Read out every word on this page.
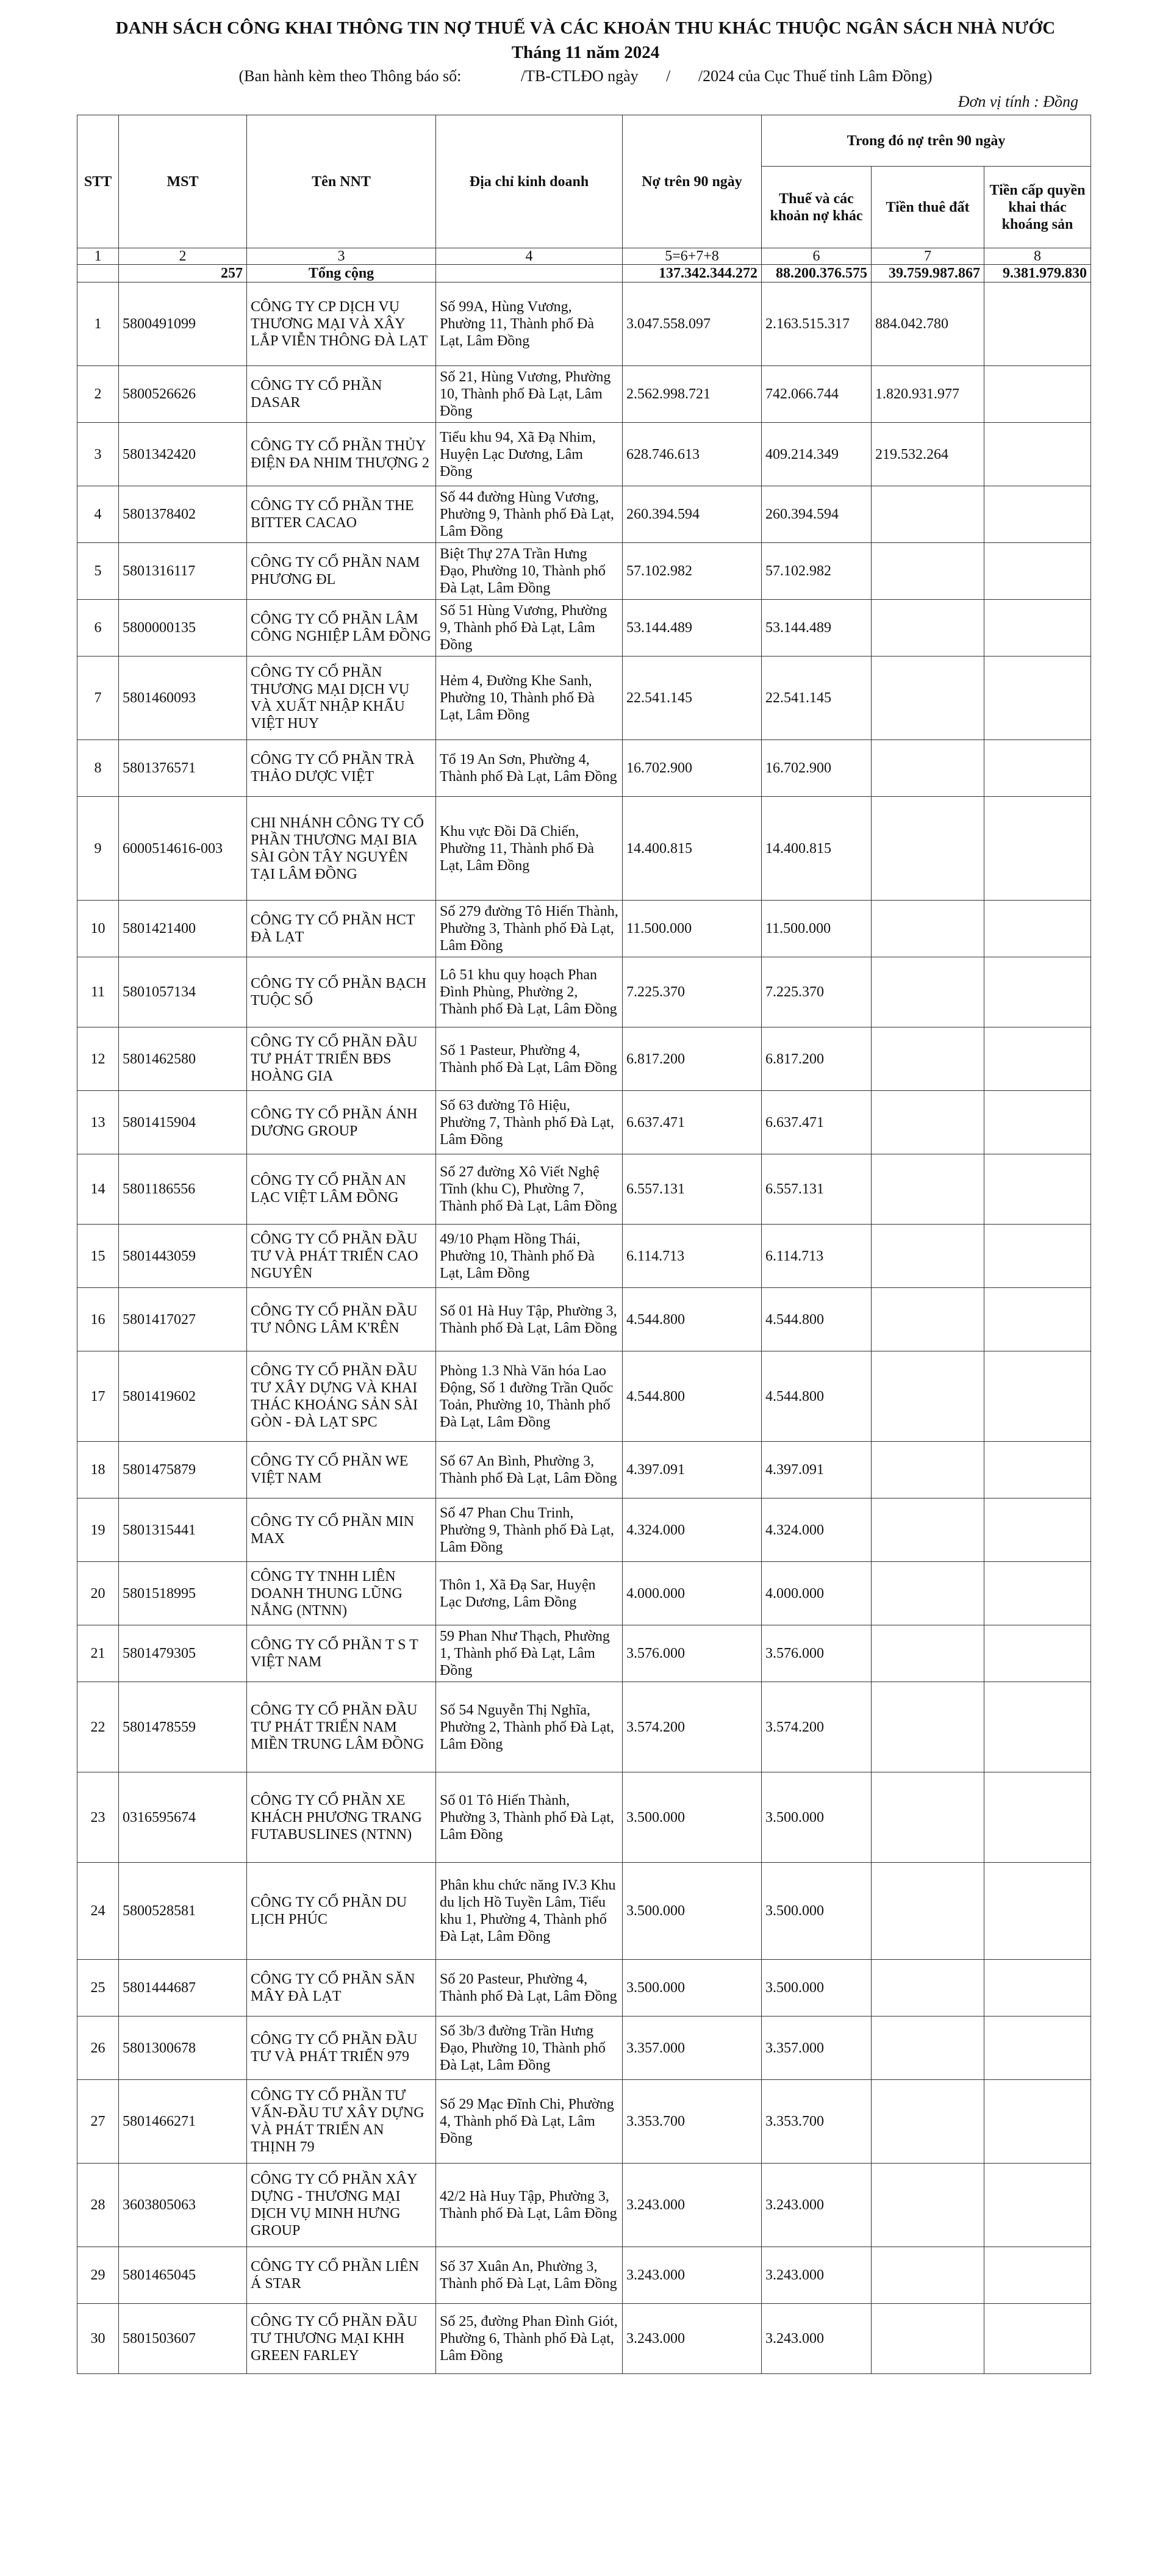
DANH SÁCH CÔNG KHAI THÔNG TIN NỢ THUẾ VÀ CÁC KHOẢN THU KHÁC THUỘC NGÂN SÁCH NHÀ NƯỚC
Tháng 11 năm 2024
(Ban hành kèm theo Thông báo số:               /TB-CTLĐO ngày       /       /2024 của Cục Thuế tỉnh Lâm Đồng)
Đơn vị tính : Đồng
STT	MST	Tên NNT	Địa chỉ kinh doanh	Nợ trên 90 ngày	Trong đó nợ trên 90 ngày		
					Thuế và các khoản nợ khác	Tiền thuê đất	Tiền cấp quyền khai thác khoáng sản
1	2	3	4	5=6+7+8	6	7	8
	257	Tổng cộng		137.342.344.272	88.200.376.575	39.759.987.867	9.381.979.830
1	5800491099	CÔNG TY CP DỊCH VỤ THƯƠNG MẠI VÀ XÂY LẮP VIỄN THÔNG ĐÀ LẠT	Số 99A, Hùng Vương, Phường 11, Thành phố Đà Lạt, Lâm Đồng	3.047.558.097	2.163.515.317	884.042.780	
2	5800526626	CÔNG TY CỔ PHẦN DASAR	Số 21, Hùng Vương, Phường 10, Thành phố Đà Lạt, Lâm Đồng	2.562.998.721	742.066.744	1.820.931.977	
3	5801342420	CÔNG TY CỔ PHẦN THỦY ĐIỆN ĐA NHIM THƯỢNG 2	Tiểu khu 94, Xã Đạ Nhim, Huyện Lạc Dương, Lâm Đồng	628.746.613	409.214.349	219.532.264	
4	5801378402	CÔNG TY CỔ PHẦN THE BITTER CACAO	Số 44 đường Hùng Vương, Phường 9, Thành phố Đà Lạt, Lâm Đồng	260.394.594	260.394.594		
5	5801316117	CÔNG TY CỔ PHẦN NAM PHƯƠNG ĐL	Biệt Thự 27A Trần Hưng Đạo, Phường 10, Thành phố Đà Lạt, Lâm Đồng	57.102.982	57.102.982		
6	5800000135	CÔNG TY CỔ PHẦN LÂM CÔNG NGHIỆP LÂM ĐỒNG	Số 51 Hùng Vương, Phường 9, Thành phố Đà Lạt, Lâm Đồng	53.144.489	53.144.489		
7	5801460093	CÔNG TY CỔ PHẦN THƯƠNG MẠI DỊCH VỤ VÀ XUẤT NHẬP KHẨU VIỆT HUY	Hẻm 4, Đường Khe Sanh, Phường 10, Thành phố Đà Lạt, Lâm Đồng	22.541.145	22.541.145		
8	5801376571	CÔNG TY CỔ PHẦN TRÀ THẢO DƯỢC VIỆT	Tổ 19 An Sơn, Phường 4, Thành phố Đà Lạt, Lâm Đồng	16.702.900	16.702.900		
9	6000514616-003	CHI NHÁNH CÔNG TY CỔ PHẦN THƯƠNG MẠI BIA SÀI GÒN TÂY NGUYÊN TẠI LÂM ĐỒNG	Khu vực Đồi Dã Chiến, Phường 11, Thành phố Đà Lạt, Lâm Đồng	14.400.815	14.400.815		
10	5801421400	CÔNG TY CỔ PHẦN HCT ĐÀ LẠT	Số 279 đường Tô Hiến Thành, Phường 3, Thành phố Đà Lạt, Lâm Đồng	11.500.000	11.500.000		
11	5801057134	CÔNG TY CỔ PHẦN BẠCH TUỘC SỐ	Lô 51 khu quy hoạch Phan Đình Phùng, Phường 2, Thành phố Đà Lạt, Lâm Đồng	7.225.370	7.225.370		
12	5801462580	CÔNG TY CỔ PHẦN ĐẦU TƯ PHÁT TRIỂN BĐS HOÀNG GIA	Số 1 Pasteur, Phường 4, Thành phố Đà Lạt, Lâm Đồng	6.817.200	6.817.200		
13	5801415904	CÔNG TY CỔ PHẦN ÁNH DƯƠNG GROUP	Số 63 đường Tô Hiệu, Phường 7, Thành phố Đà Lạt, Lâm Đồng	6.637.471	6.637.471		
14	5801186556	CÔNG TY CỔ PHẦN AN LẠC VIỆT LÂM ĐỒNG	Số 27 đường Xô Viết Nghệ Tĩnh (khu C), Phường 7, Thành phố Đà Lạt, Lâm Đồng	6.557.131	6.557.131		
15	5801443059	CÔNG TY CỔ PHẦN ĐẦU TƯ VÀ PHÁT TRIỂN CAO NGUYÊN	49/10 Phạm Hồng Thái, Phường 10, Thành phố Đà Lạt, Lâm Đồng	6.114.713	6.114.713		
16	5801417027	CÔNG TY CỔ PHẦN ĐẦU TƯ NÔNG LÂM K'RÊN	Số 01 Hà Huy Tập, Phường 3, Thành phố Đà Lạt, Lâm Đồng	4.544.800	4.544.800		
17	5801419602	CÔNG TY CỔ PHẦN ĐẦU TƯ XÂY DỰNG VÀ KHAI THÁC KHOÁNG SẢN SÀI GÒN - ĐÀ LẠT SPC	Phòng 1.3 Nhà Văn hóa Lao Động, Số 1 đường Trần Quốc Toản, Phường 10, Thành phố Đà Lạt, Lâm Đồng	4.544.800	4.544.800		
18	5801475879	CÔNG TY CỔ PHẦN WE VIỆT NAM	Số 67 An Bình, Phường 3, Thành phố Đà Lạt, Lâm Đồng	4.397.091	4.397.091		
19	5801315441	CÔNG TY CỔ PHẦN MIN MAX	Số 47 Phan Chu Trinh, Phường 9, Thành phố Đà Lạt, Lâm Đồng	4.324.000	4.324.000		
20	5801518995	CÔNG TY TNHH LIÊN DOANH THUNG LŨNG NẮNG (NTNN)	Thôn 1, Xã Đạ Sar, Huyện Lạc Dương, Lâm Đồng	4.000.000	4.000.000		
21	5801479305	CÔNG TY CỔ PHẦN T S T VIỆT NAM	59 Phan Như Thạch, Phường 1, Thành phố Đà Lạt, Lâm Đồng	3.576.000	3.576.000		
22	5801478559	CÔNG TY CỔ PHẦN ĐẦU TƯ PHÁT TRIỂN NAM MIỀN TRUNG LÂM ĐỒNG	Số 54 Nguyễn Thị Nghĩa, Phường 2, Thành phố Đà Lạt, Lâm Đồng	3.574.200	3.574.200		
23	0316595674	CÔNG TY CỔ PHẦN XE KHÁCH PHƯƠNG TRANG FUTABUSLINES (NTNN)	Số 01 Tô Hiến Thành, Phường 3, Thành phố Đà Lạt, Lâm Đồng	3.500.000	3.500.000		
24	5800528581	CÔNG TY CỔ PHẦN DU LỊCH PHÚC	Phân khu chức năng IV.3 Khu du lịch Hồ Tuyền Lâm, Tiểu khu 1, Phường 4, Thành phố Đà Lạt, Lâm Đồng	3.500.000	3.500.000		
25	5801444687	CÔNG TY CỔ PHẦN SĂN MÂY ĐÀ LẠT	Số 20 Pasteur, Phường 4, Thành phố Đà Lạt, Lâm Đồng	3.500.000	3.500.000		
26	5801300678	CÔNG TY CỔ PHẦN ĐẦU TƯ VÀ PHÁT TRIỂN 979	Số 3b/3 đường Trần Hưng Đạo, Phường 10, Thành phố Đà Lạt, Lâm Đồng	3.357.000	3.357.000		
27	5801466271	CÔNG TY CỔ PHẦN TƯ VẤN-ĐẦU TƯ XÂY DỰNG VÀ PHÁT TRIỂN AN THỊNH 79	Số 29 Mạc Đĩnh Chi, Phường 4, Thành phố Đà Lạt, Lâm Đồng	3.353.700	3.353.700		
28	3603805063	CÔNG TY CỔ PHẦN XÂY DỰNG - THƯƠNG MẠI DỊCH VỤ MINH HƯNG GROUP	42/2 Hà Huy Tập, Phường 3, Thành phố Đà Lạt, Lâm Đồng	3.243.000	3.243.000		
29	5801465045	CÔNG TY CỔ PHẦN LIÊN Á STAR	Số 37 Xuân An, Phường 3, Thành phố Đà Lạt, Lâm Đồng	3.243.000	3.243.000		
30	5801503607	CÔNG TY CỔ PHẦN ĐẦU TƯ THƯƠNG MẠI KHH GREEN FARLEY	Số 25, đường Phan Đình Giót, Phường 6, Thành phố Đà Lạt, Lâm Đồng	3.243.000	3.243.000		
